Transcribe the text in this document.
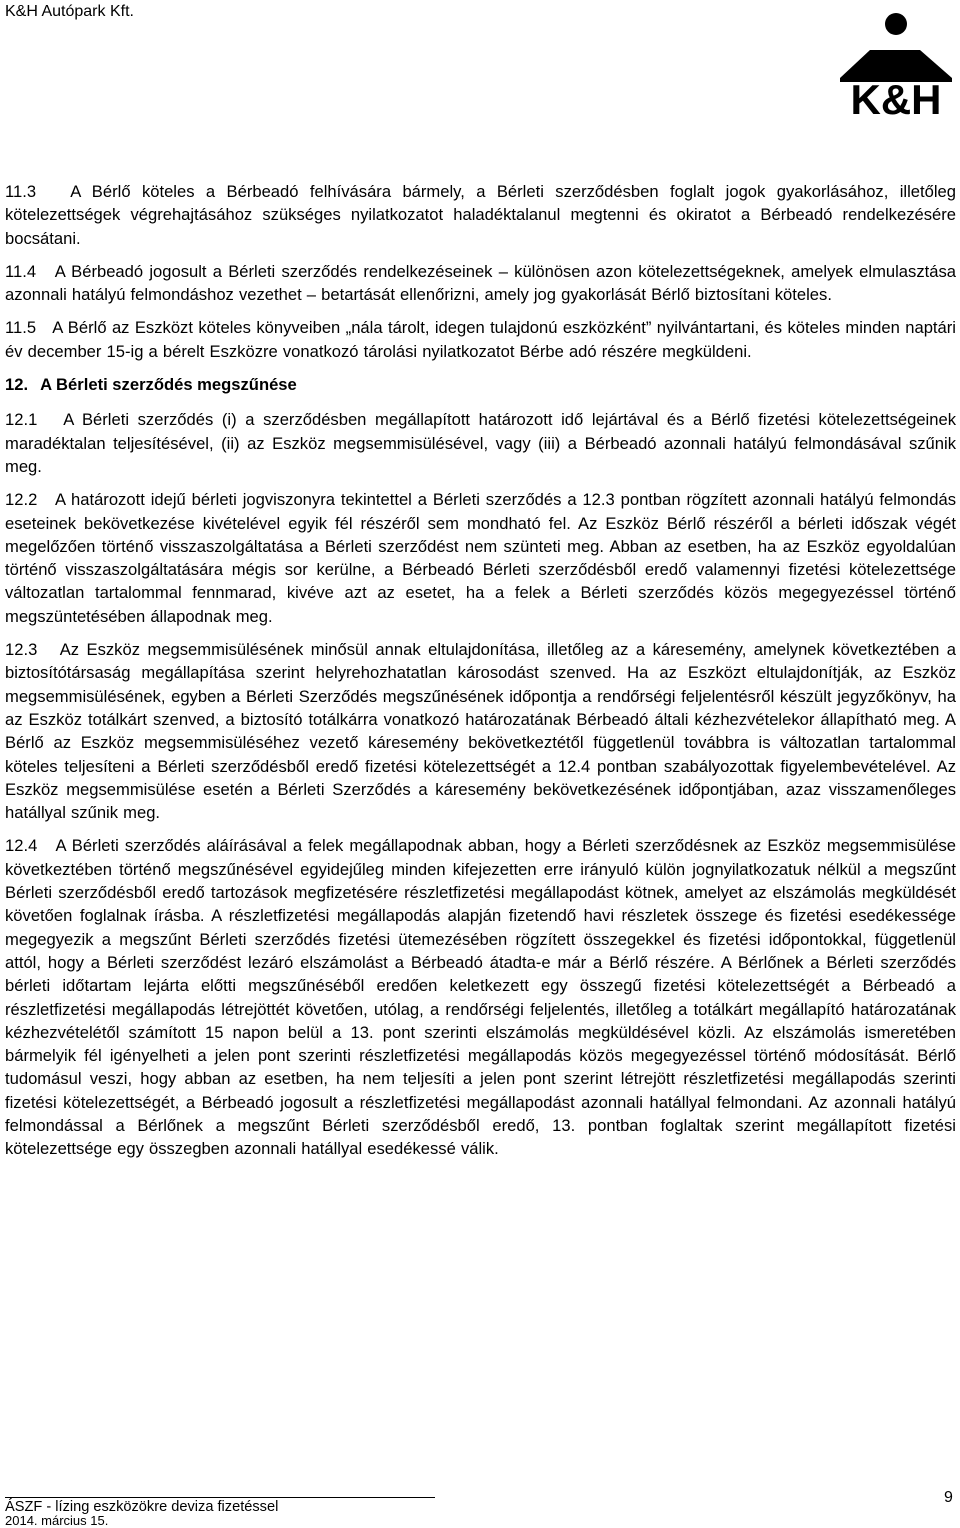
K&H Autópark Kft.
K&H

11.3 A Bérlő köteles a Bérbeadó felhívására bármely, a Bérleti szerződésben foglalt jogok gyakorlásához, illetőleg kötelezettségek végrehajtásához szükséges nyilatkozatot haladéktalanul megtenni és okiratot a Bérbeadó rendelkezésére bocsátani.

11.4 A Bérbeadó jogosult a Bérleti szerződés rendelkezéseinek – különösen azon kötelezettségeknek, amelyek elmulasztása azonnali hatályú felmondáshoz vezethet – betartását ellenőrizni, amely jog gyakorlását Bérlő biztosítani köteles.

11.5 A Bérlő az Eszközt köteles könyveiben „nála tárolt, idegen tulajdonú eszközként” nyilvántartani, és köteles minden naptári év december 15-ig a bérelt Eszközre vonatkozó tárolási nyilatkozatot Bérbe adó részére megküldeni.

12. A Bérleti szerződés megszűnése

12.1 A Bérleti szerződés (i) a szerződésben megállapított határozott idő lejártával és a Bérlő fizetési kötelezettségeinek maradéktalan teljesítésével, (ii) az Eszköz megsemmisülésével, vagy (iii) a Bérbeadó azonnali hatályú felmondásával szűnik meg.

12.2 A határozott idejű bérleti jogviszonyra tekintettel a Bérleti szerződés a 12.3 pontban rögzített azonnali hatályú felmondás eseteinek bekövetkezése kivételével egyik fél részéről sem mondható fel. Az Eszköz Bérlő részéről a bérleti időszak végét megelőzően történő visszaszolgáltatása a Bérleti szerződést nem szünteti meg. Abban az esetben, ha az Eszköz egyoldalúan történő visszaszolgáltatására mégis sor kerülne, a Bérbeadó Bérleti szerződésből eredő valamennyi fizetési kötelezettsége változatlan tartalommal fennmarad, kivéve azt az esetet, ha a felek a Bérleti szerződés közös megegyezéssel történő megszüntetésében állapodnak meg.

12.3 Az Eszköz megsemmisülésének minősül annak eltulajdonítása, illetőleg az a káresemény, amelynek következtében a biztosítótársaság megállapítása szerint helyrehozhatatlan károsodást szenved. Ha az Eszközt eltulajdonítják, az Eszköz megsemmisülésének, egyben a Bérleti Szerződés megszűnésének időpontja a rendőrségi feljelentésről készült jegyzőkönyv, ha az Eszköz totálkárt szenved, a biztosító totálkárra vonatkozó határozatának Bérbeadó általi kézhezvételekor állapítható meg. A Bérlő az Eszköz megsemmisüléséhez vezető káresemény bekövetkeztétől függetlenül továbbra is változatlan tartalommal köteles teljesíteni a Bérleti szerződésből eredő fizetési kötelezettségét a 12.4 pontban szabályozottak figyelembevételével. Az Eszköz megsemmisülése esetén a Bérleti Szerződés a káresemény bekövetkezésének időpontjában, azaz visszamenőleges hatállyal szűnik meg.

12.4 A Bérleti szerződés aláírásával a felek megállapodnak abban, hogy a Bérleti szerződésnek az Eszköz megsemmisülése következtében történő megszűnésével egyidejűleg minden kifejezetten erre irányuló külön jognyilatkozatuk nélkül a megszűnt Bérleti szerződésből eredő tartozások megfizetésére részletfizetési megállapodást kötnek, amelyet az elszámolás megküldését követően foglalnak írásba. A részletfizetési megállapodás alapján fizetendő havi részletek összege és fizetési esedékessége megegyezik a megszűnt Bérleti szerződés fizetési ütemezésében rögzített összegekkel és fizetési időpontokkal, függetlenül attól, hogy a Bérleti szerződést lezáró elszámolást a Bérbeadó átadta-e már a Bérlő részére. A Bérlőnek a Bérleti szerződés bérleti időtartam lejárta előtti megszűnéséből eredően keletkezett egy összegű fizetési kötelezettségét a Bérbeadó a részletfizetési megállapodás létrejöttét követően, utólag, a rendőrségi feljelentés, illetőleg a totálkárt megállapító határozatának kézhezvételétől számított 15 napon belül a 13. pont szerinti elszámolás megküldésével közli. Az elszámolás ismeretében bármelyik fél igényelheti a jelen pont szerinti részletfizetési megállapodás közös megegyezéssel történő módosítását. Bérlő tudomásul veszi, hogy abban az esetben, ha nem teljesíti a jelen pont szerint létrejött részletfizetési megállapodás szerinti fizetési kötelezettségét, a Bérbeadó jogosult a részletfizetési megállapodást azonnali hatállyal felmondani. Az azonnali hatályú felmondással a Bérlőnek a megszűnt Bérleti szerződésből eredő, 13. pontban foglaltak szerint megállapított fizetési kötelezettsége egy összegben azonnali hatállyal esedékessé válik.

ÁSZF - lízing eszközökre deviza fizetéssel
2014. március 15.
9
